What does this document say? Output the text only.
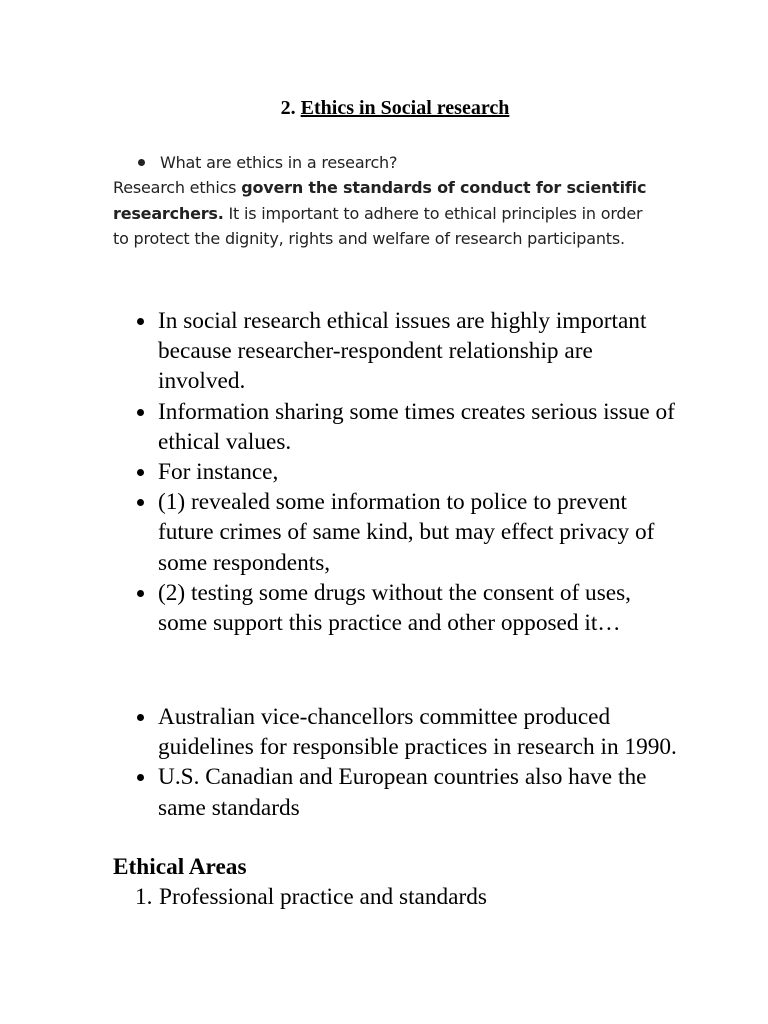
2. Ethics in Social research
What are ethics in a research?
Research ethics govern the standards of conduct for scientific researchers. It is important to adhere to ethical principles in order to protect the dignity, rights and welfare of research participants.
In social research ethical issues are highly important because researcher-respondent relationship are involved.
Information sharing some times creates serious issue of ethical values.
For instance,
(1) revealed some information to police to prevent future crimes of same kind, but may effect privacy of some respondents,
(2) testing some drugs without the consent of uses, some support this practice and other opposed it…
Australian vice-chancellors committee produced guidelines for responsible practices in research in 1990.
U.S. Canadian and European countries also have the same standards
Ethical Areas
1. Professional practice and standards
